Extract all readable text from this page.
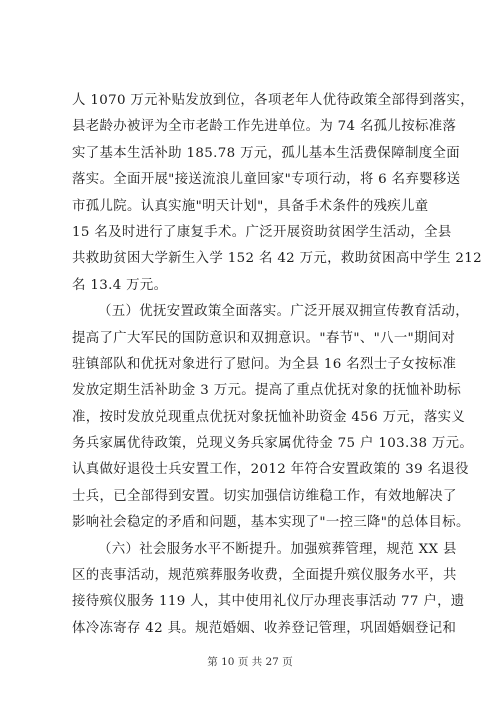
人 1070 万元补贴发放到位，各项老年人优待政策全部得到落实，
县老龄办被评为全市老龄工作先进单位。为 74 名孤儿按标准落
实了基本生活补助 185.78 万元，孤儿基本生活费保障制度全面
落实。全面开展"接送流浪儿童回家"专项行动，将 6 名弃婴移送
市孤儿院。认真实施"明天计划"，具备手术条件的残疾儿童
15 名及时进行了康复手术。广泛开展资助贫困学生活动，全县
共救助贫困大学新生入学 152 名 42 万元，救助贫困高中学生 212
名 13.4 万元。
（五）优抚安置政策全面落实。广泛开展双拥宣传教育活动，
提高了广大军民的国防意识和双拥意识。"春节"、"八一"期间对
驻镇部队和优抚对象进行了慰问。为全县 16 名烈士子女按标准
发放定期生活补助金 3 万元。提高了重点优抚对象的抚恤补助标
准，按时发放兑现重点优抚对象抚恤补助资金 456 万元，落实义
务兵家属优待政策，兑现义务兵家属优待金 75 户 103.38 万元。
认真做好退役士兵安置工作，2012 年符合安置政策的 39 名退役
士兵，已全部得到安置。切实加强信访维稳工作，有效地解决了
影响社会稳定的矛盾和问题，基本实现了"一控三降"的总体目标。
（六）社会服务水平不断提升。加强殡葬管理，规范 XX 县
区的丧事活动，规范殡葬服务收费，全面提升殡仪服务水平，共
接待殡仪服务 119 人，其中使用礼仪厅办理丧事活动 77 户，遗
体冷冻寄存 42 具。规范婚姻、收养登记管理，巩固婚姻登记和
第 10 页 共 27 页
